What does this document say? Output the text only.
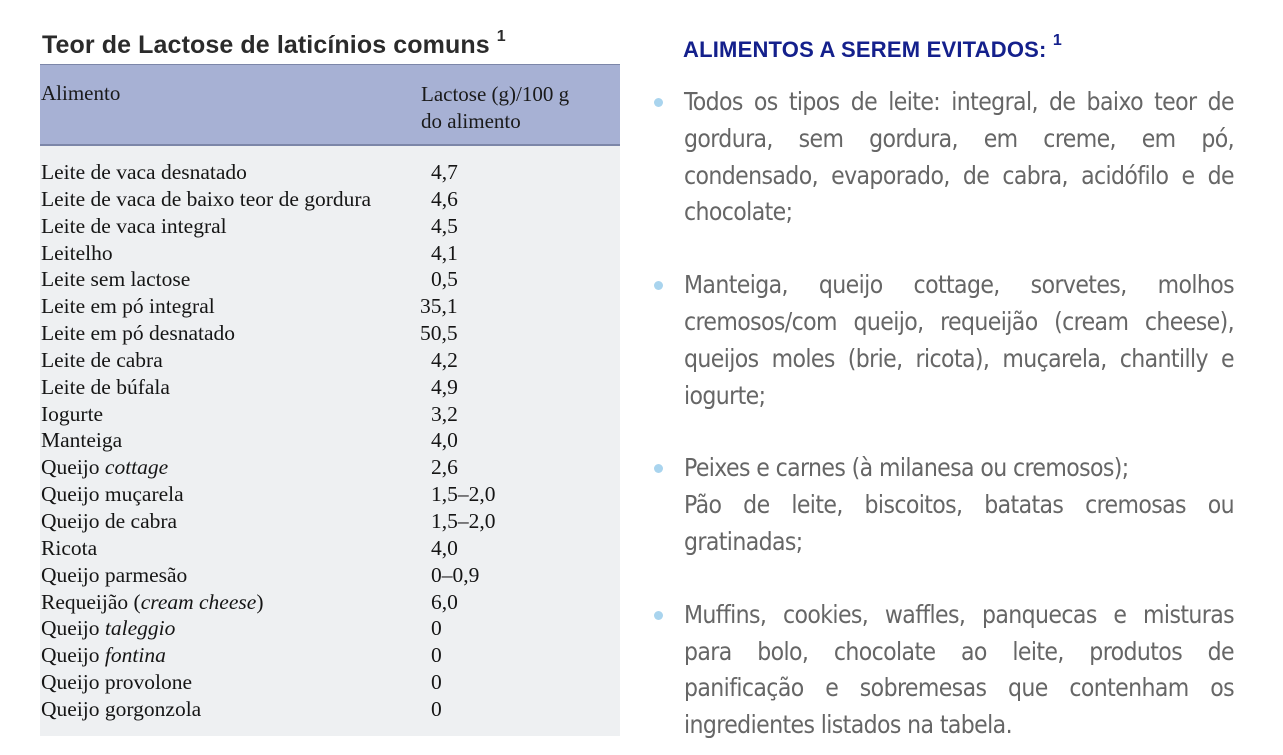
Teor de Lactose de laticínios comuns $^1$
Alimento	Lactose (g)/100 g
do alimento
Leite de vaca desnatado	4,7
Leite de vaca de baixo teor de gordura	4,6
Leite de vaca integral	4,5
Leitelho	4,1
Leite sem lactose	0,5
Leite em pó integral	35,1
Leite em pó desnatado	50,5
Leite de cabra	4,2
Leite de búfala	4,9
Iogurte	3,2
Manteiga	4,0
Queijo cottage	2,6
Queijo muçarela	1,5–2,0
Queijo de cabra	1,5–2,0
Ricota	4,0
Queijo parmesão	0–0,9
Requeijão (cream cheese)	6,0
Queijo taleggio	0
Queijo fontina	0
Queijo provolone	0
Queijo gorgonzola	0
ALIMENTOS A SEREM EVITADOS: $^1$
Todos os tipos de leite: integral, de baixo teor de gordura, sem gordura, em creme, em pó, condensado, evaporado, de cabra, acidófilo e de chocolate;
Manteiga, queijo cottage, sorvetes, molhos cremosos/com queijo, requeijão (cream cheese), queijos moles (brie, ricota), muçarela, chantilly e iogurte;
Peixes e carnes (à milanesa ou cremosos);
Pão de leite, biscoitos, batatas cremosas ou gratinadas;
Muffins, cookies, waffles, panquecas e misturas para bolo, chocolate ao leite, produtos de panificação e sobremesas que contenham os ingredientes listados na tabela.
